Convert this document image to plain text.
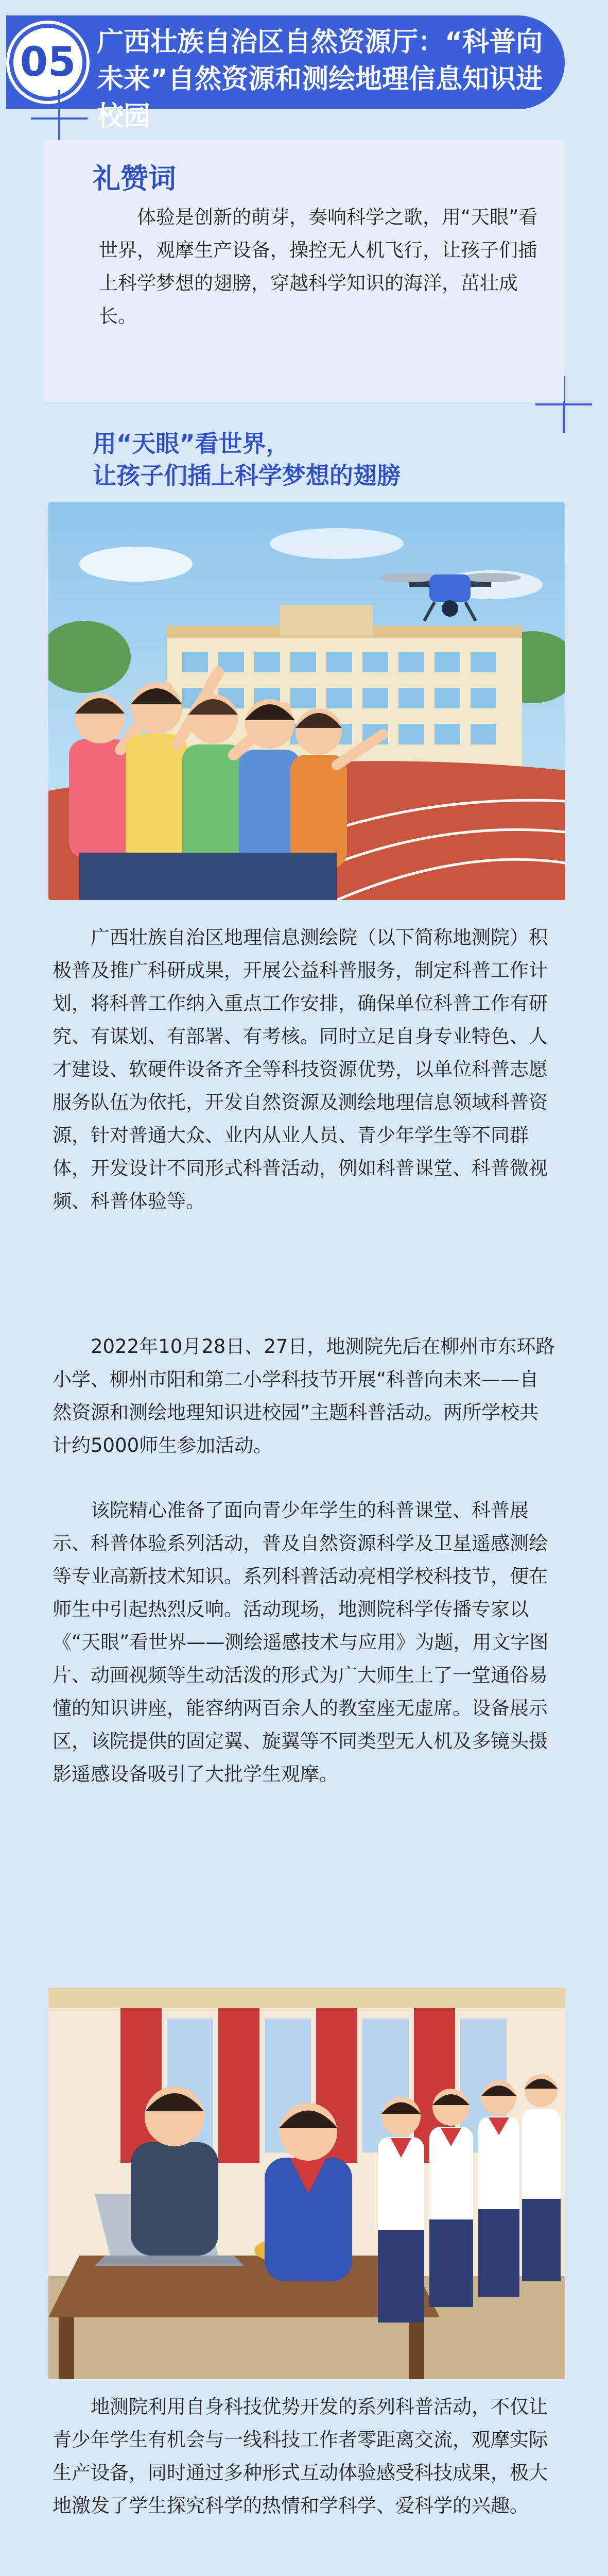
05 广西壮族自治区自然资源厅：“科普向未来”自然资源和测绘地理信息知识进校园
礼赞词
体验是创新的萌芽，奏响科学之歌，用“天眼”看世界，观摩生产设备，操控无人机飞行，让孩子们插上科学梦想的翅膀，穿越科学知识的海洋，茁壮成长。
用“天眼”看世界，
让孩子们插上科学梦想的翅膀
广西壮族自治区地理信息测绘院（以下简称地测院）积极普及推广科研成果，开展公益科普服务，制定科普工作计划，将科普工作纳入重点工作安排，确保单位科普工作有研究、有谋划、有部署、有考核。同时立足自身专业特色、人才建设、软硬件设备齐全等科技资源优势，以单位科普志愿服务队伍为依托，开发自然资源及测绘地理信息领域科普资源，针对普通大众、业内从业人员、青少年学生等不同群体，开发设计不同形式科普活动，例如科普课堂、科普微视频、科普体验等。
2022年10月28日、27日，地测院先后在柳州市东环路小学、柳州市阳和第二小学科技节开展“科普向未来——自然资源和测绘地理知识进校园”主题科普活动。两所学校共计约5000师生参加活动。
该院精心准备了面向青少年学生的科普课堂、科普展示、科普体验系列活动，普及自然资源科学及卫星遥感测绘等专业高新技术知识。系列科普活动亮相学校科技节，便在师生中引起热烈反响。活动现场，地测院科学传播专家以《“天眼”看世界——测绘遥感技术与应用》为题，用文字图片、动画视频等生动活泼的形式为广大师生上了一堂通俗易懂的知识讲座，能容纳两百余人的教室座无虚席。设备展示区，该院提供的固定翼、旋翼等不同类型无人机及多镜头摄影遥感设备吸引了大批学生观摩。
地测院利用自身科技优势开发的系列科普活动，不仅让青少年学生有机会与一线科技工作者零距离交流，观摩实际生产设备，同时通过多种形式互动体验感受科技成果，极大地激发了学生探究科学的热情和学科学、爱科学的兴趣。
